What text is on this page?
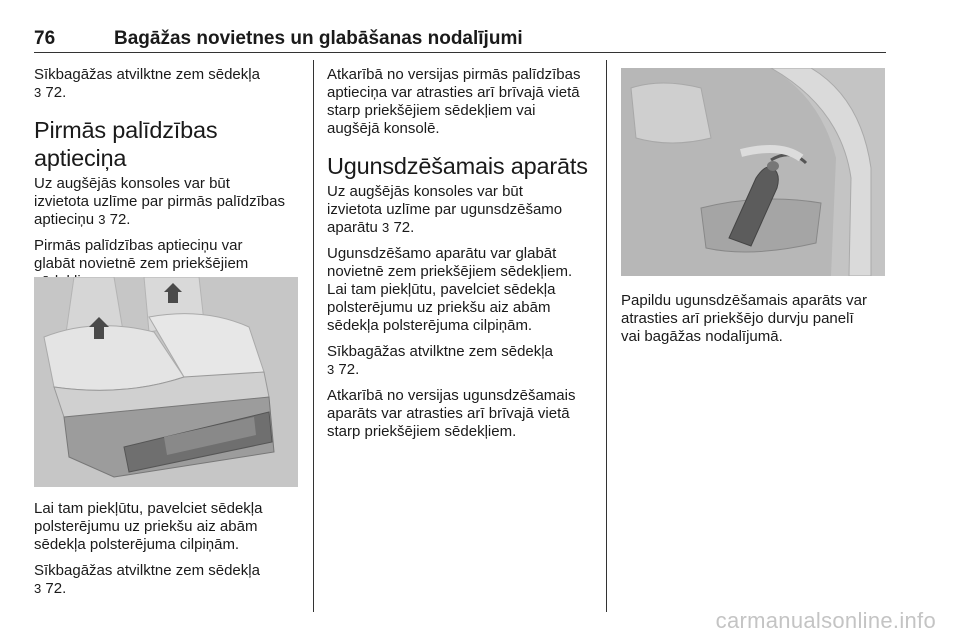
76	Bagāžas novietnes un glabāšanas nodalījumi

Sīkbagāžas atvilktne zem sēdekļa
3 72.

Pirmās palīdzības aptieciņa

Uz augšējās konsoles var būt
izvietota uzlīme par pirmās palīdzības
aptieciņu 3 72.

Pirmās palīdzības aptieciņu var
glabāt novietnē zem priekšējiem

Lai tam piekļūtu, pavelciet sēdekļa
polsterējumu uz priekšu aiz abām
sēdekļa polsterējuma cilpiņām.

Sīkbagāžas atvilktne zem sēdekļa
3 72.

Atkarībā no versijas pirmās palīdzības
aptieciņa var atrasties arī brīvajā vietā
starp priekšējiem sēdekļiem vai
augšējā konsolē.

Ugunsdzēšamais aparāts

Uz augšējās konsoles var būt
izvietota uzlīme par ugunsdzēšamo
aparātu 3 72.

Ugunsdzēšamo aparātu var glabāt
novietnē zem priekšējiem sēdekļiem.
Lai tam piekļūtu, pavelciet sēdekļa
polsterējumu uz priekšu aiz abām
sēdekļa polsterējuma cilpiņām.

Sīkbagāžas atvilktne zem sēdekļa
3 72.

Atkarībā no versijas ugunsdzēšamais
aparāts var atrasties arī brīvajā vietā
starp priekšējiem sēdekļiem.

Papildu ugunsdzēšamais aparāts var
atrasties arī priekšējo durvju panelī
vai bagāžas nodalījumā.

carmanualsonline.info
